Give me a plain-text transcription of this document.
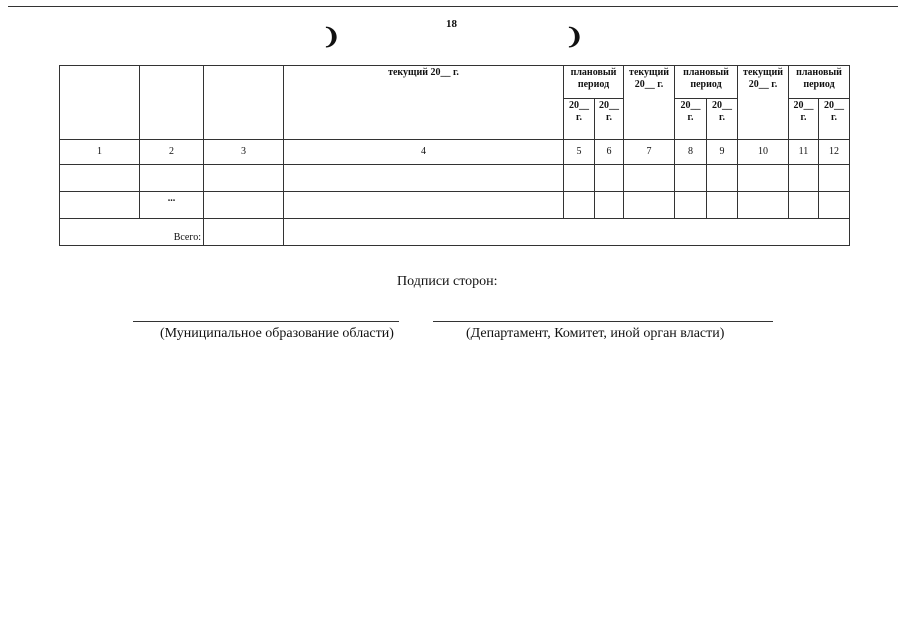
18
❩	❩
			текущий 20__ г.	плановый период		текущий 20__ г.	плановый период		текущий 20__ г.	плановый период	
				20__ г.	20__ г.		20__ г.	20__ г.		20__ г.	20__ г.
1	2	3	4	5	6	7	8	9	10	11	12

	...										
Всего:											
Подписи сторон:
(Муниципальное образование области)	(Департамент, Комитет, иной орган власти)
